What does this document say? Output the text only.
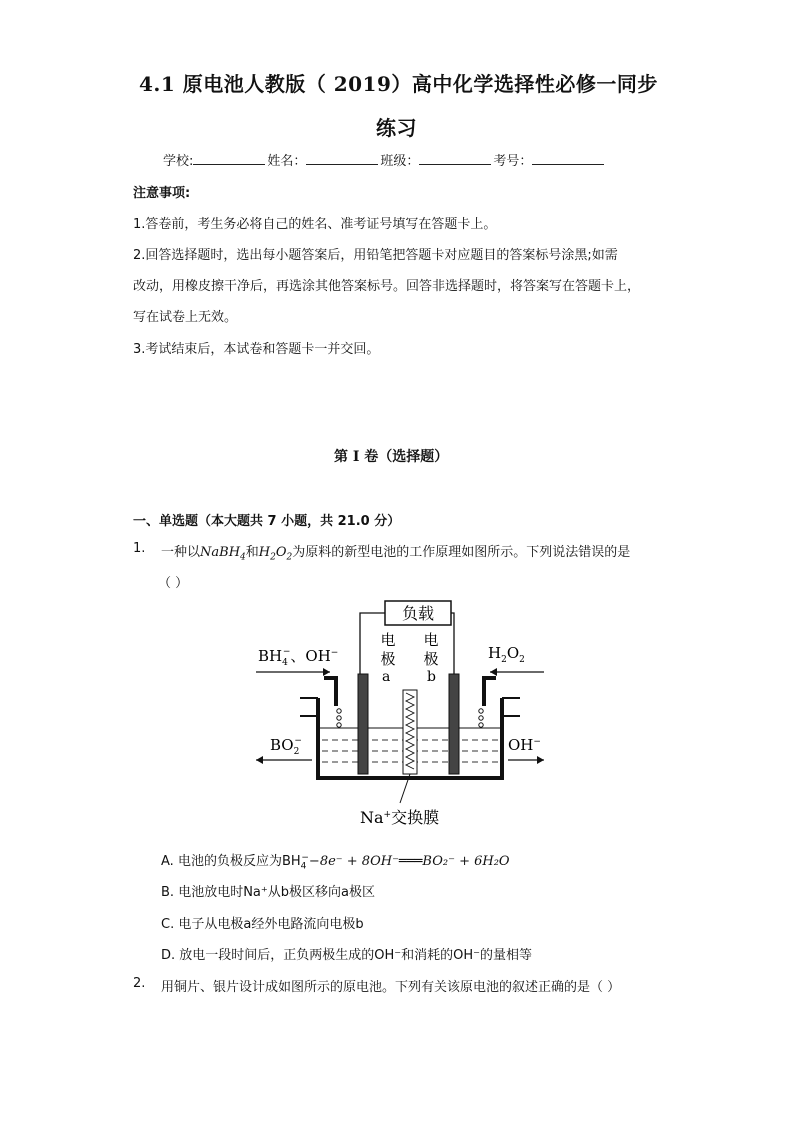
4.1 原电池人教版（ 2019）高中化学选择性必修一同步
练习
学校:	姓名：	班级：	考号：
注意事项:
1.答卷前，考生务必将自己的姓名、准考证号填写在答题卡上。
2.回答选择题时，选出每小题答案后，用铅笔把答题卡对应题目的答案标号涂黑;如需
改动，用橡皮擦干净后，再选涂其他答案标号。回答非选择题时，将答案写在答题卡上，
写在试卷上无效。
3.考试结束后，本试卷和答题卡一并交回。
第 I 卷（选择题）
一、单选题（本大题共 7 小题，共 21.0 分）
1. 一种以NaBH$_4$和$H_2O_2$为原料的新型电池的工作原理如图所示。下列说法错误的是
（ ）
负载
电
极
电
极
a	b
$BH_4-$、OH−	$H_2O_2$
$BO_2-$	OH−
Na+交换膜
A. 电池的负极反应为$BH_4^--8e^-$ + 8OH⁻═══BO₂⁻ + 6H₂O
B. 电池放电时Na⁺从b极区移向a极区
C. 电子从电极a经外电路流向电极b
D. 放电一段时间后，正负两极生成的OH⁻和消耗的OH⁻的量相等
2. 用铜片、银片设计成如图所示的原电池。下列有关该原电池的叙述正确的是（ ）
